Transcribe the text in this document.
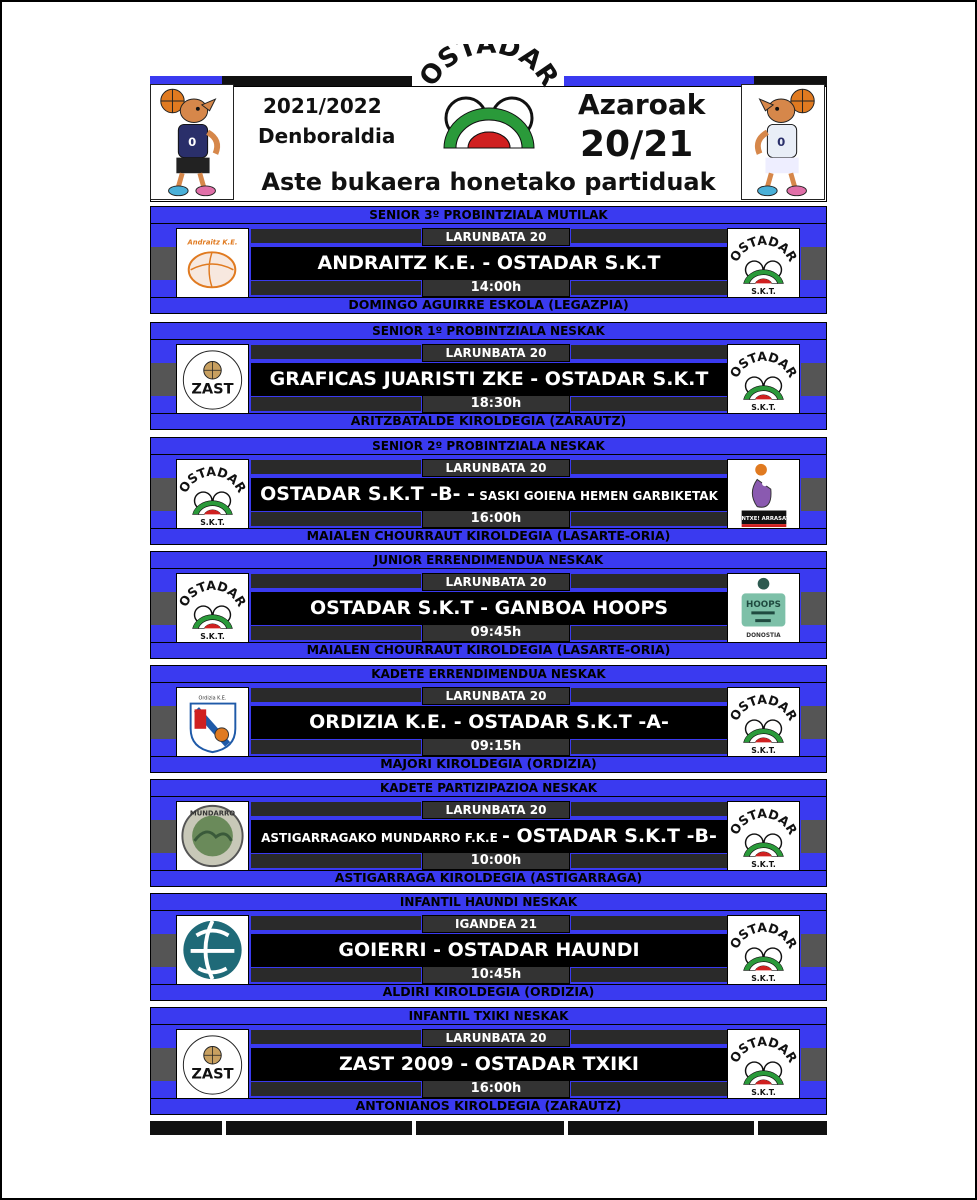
0	0
OSTADAR
2021/2022
Denboraldia
Azaroak
20/21
Aste bukaera honetako partiduak
SENIOR 3º PROBINTZIALA MUTILAK
LARUNBATA 20
ANDRAITZ K.E. - OSTADAR S.K.T
14:00h
Andraitz K.E.
OSTADAR
S.K.T.
DOMINGO AGUIRRE ESKOLA (LEGAZPIA)
SENIOR 1º PROBINTZIALA NESKAK
LARUNBATA 20
GRAFICAS JUARISTI ZKE - OSTADAR S.K.T
18:30h
ZAST
OSTADAR
S.K.T.
ARITZBATALDE KIROLDEGIA (ZARAUTZ)
SENIOR 2º PROBINTZIALA NESKAK
LARUNBATA 20
OSTADAR S.K.T -B- - SASKI GOIENA HEMEN GARBIKETAK
16:00h
OSTADAR
S.K.T.	OINTXE! ARRASATE
MAIALEN CHOURRAUT KIROLDEGIA (LASARTE-ORIA)
JUNIOR ERRENDIMENDUA NESKAK
LARUNBATA 20
OSTADAR S.K.T - GANBOA HOOPS
09:45h
OSTADAR
S.K.T.
HOOPS
DONOSTIA
MAIALEN CHOURRAUT KIROLDEGIA (LASARTE-ORIA)
KADETE ERRENDIMENDUA NESKAK
LARUNBATA 20
ORDIZIA K.E. - OSTADAR S.K.T -A-
09:15h
Ordizia K.E.
OSTADAR
S.K.T.
MAJORI KIROLDEGIA (ORDIZIA)
KADETE PARTIZIPAZIOA NESKAK
LARUNBATA 20
ASTIGARRAGAKO MUNDARRO F.K.E - OSTADAR S.K.T -B-
10:00h
MUNDARRO
OSTADAR
S.K.T.
ASTIGARRAGA KIROLDEGIA (ASTIGARRAGA)
INFANTIL HAUNDI NESKAK
IGANDEA 21
GOIERRI - OSTADAR HAUNDI
10:45h
OSTADAR
S.K.T.
ALDIRI KIROLDEGIA (ORDIZIA)
INFANTIL TXIKI NESKAK
LARUNBATA 20
ZAST 2009 - OSTADAR TXIKI
16:00h
ZAST
OSTADAR
S.K.T.
ANTONIANOS KIROLDEGIA (ZARAUTZ)
